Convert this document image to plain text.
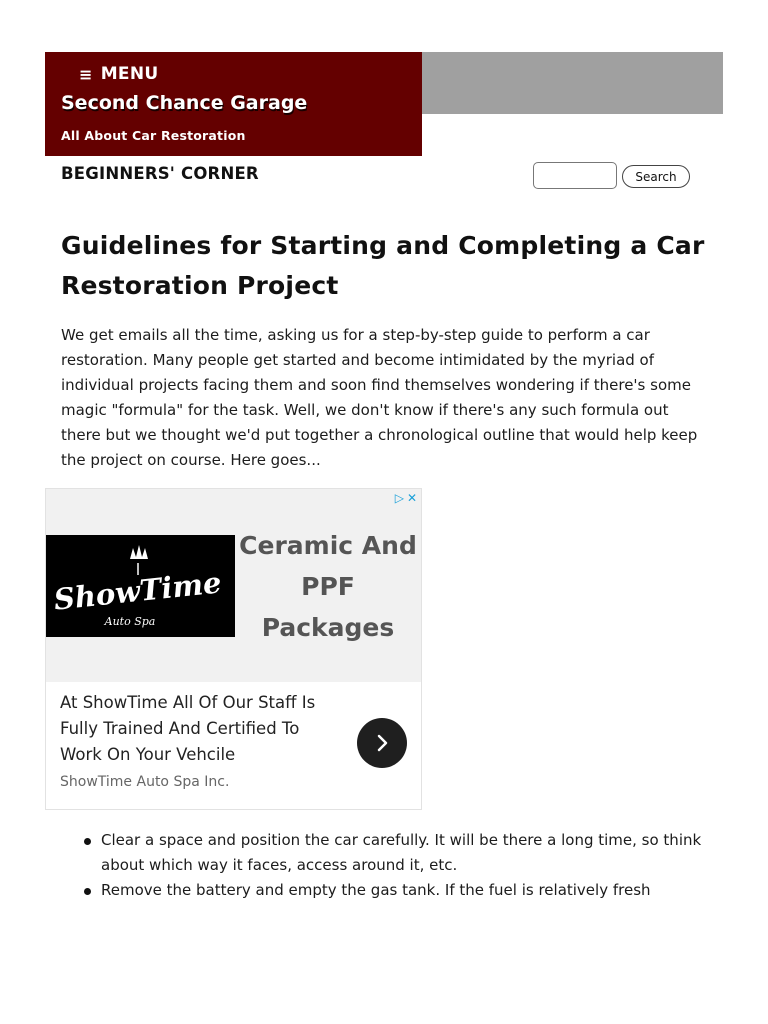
≡ MENU
Second Chance Garage
All About Car Restoration
BEGINNERS' CORNER	Search
Guidelines for Starting and Completing a Car Restoration Project

We get emails all the time, asking us for a step-by-step guide to perform a car restoration. Many people get started and become intimidated by the myriad of individual projects facing them and soon find themselves wondering if there's some magic "formula" for the task. Well, we don't know if there's any such formula out there but we thought we'd put together a chronological outline that would help keep the project on course. Here goes...

▷ ✕
ShowTime
Auto Spa
Ceramic And PPF Packages
At ShowTime All Of Our Staff Is Fully Trained And Certified To Work On Your Vehcile
ShowTime Auto Spa Inc.
Clear a space and position the car carefully. It will be there a long time, so think about which way it faces, access around it, etc.
Remove the battery and empty the gas tank. If the fuel is relatively fresh
